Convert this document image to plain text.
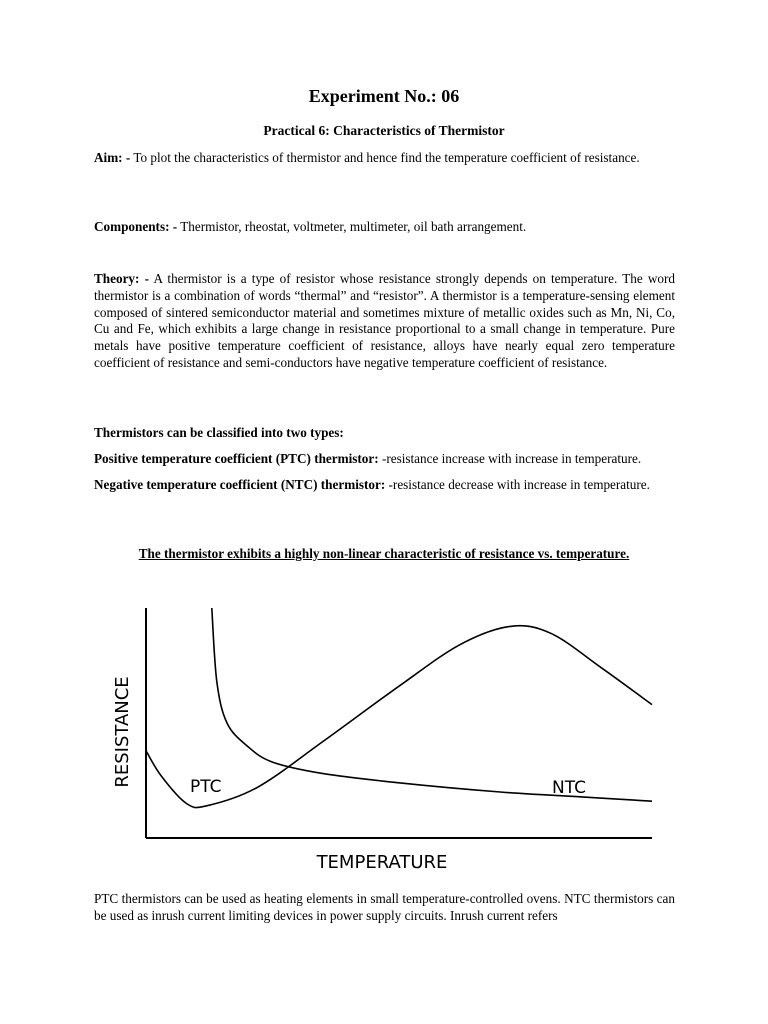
Experiment No.: 06
Practical 6: Characteristics of Thermistor
Aim: - To plot the characteristics of thermistor and hence find the temperature coefficient of resistance.
Components: - Thermistor, rheostat, voltmeter, multimeter, oil bath arrangement.
Theory: - A thermistor is a type of resistor whose resistance strongly depends on temperature. The word thermistor is a combination of words “thermal” and “resistor”. A thermistor is a temperature-sensing element composed of sintered semiconductor material and sometimes mixture of metallic oxides such as Mn, Ni, Co, Cu and Fe, which exhibits a large change in resistance proportional to a small change in temperature. Pure metals have positive temperature coefficient of resistance, alloys have nearly equal zero temperature coefficient of resistance and semi-conductors have negative temperature coefficient of resistance.
Thermistors can be classified into two types:
Positive temperature coefficient (PTC) thermistor: -resistance increase with increase in temperature.
Negative temperature coefficient (NTC) thermistor: -resistance decrease with increase in temperature.
The thermistor exhibits a highly non-linear characteristic of resistance vs. temperature.
PTC	NTC
RESISTANCE
TEMPERATURE
PTC thermistors can be used as heating elements in small temperature-controlled ovens. NTC thermistors can be used as inrush current limiting devices in power supply circuits. Inrush current refers
